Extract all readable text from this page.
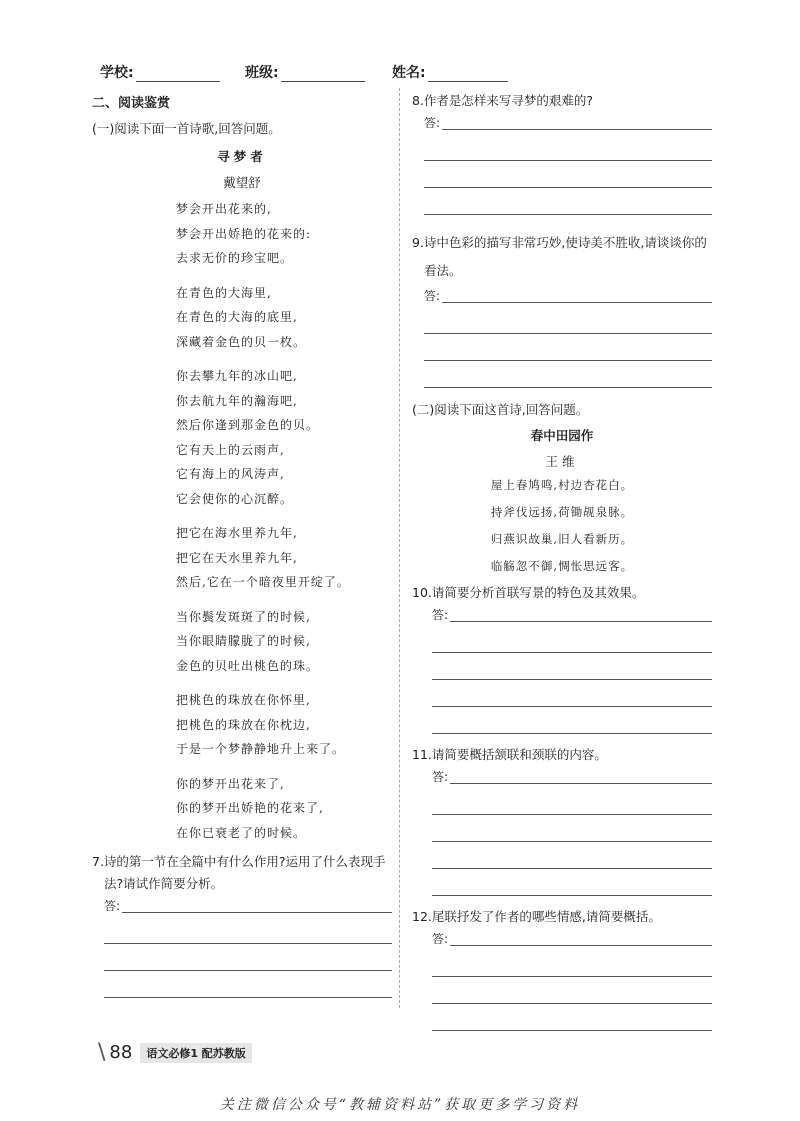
学校:	班级:	姓名:
二、阅读鉴赏
(一)阅读下面一首诗歌,回答问题。
寻梦者
戴望舒
梦会开出花来的,
梦会开出娇艳的花来的:
去求无价的珍宝吧。
在青色的大海里,
在青色的大海的底里,
深藏着金色的贝一枚。
你去攀九年的冰山吧,
你去航九年的瀚海吧,
然后你逢到那金色的贝。
它有天上的云雨声,
它有海上的风涛声,
它会使你的心沉醉。
把它在海水里养九年,
把它在天水里养九年,
然后,它在一个暗夜里开绽了。
当你鬓发斑斑了的时候,
当你眼睛朦胧了的时候,
金色的贝吐出桃色的珠。
把桃色的珠放在你怀里,
把桃色的珠放在你枕边,
于是一个梦静静地升上来了。
你的梦开出花来了,
你的梦开出娇艳的花来了,
在你已衰老了的时候。
7.诗的第一节在全篇中有什么作用?运用了什么表现手法?请试作简要分析。
答:
8.作者是怎样来写寻梦的艰难的?
答:
9.诗中色彩的描写非常巧妙,使诗美不胜收,请谈谈你的看法。
答:
(二)阅读下面这首诗,回答问题。
春中田园作
王维
屋上春鸠鸣,村边杏花白。
持斧伐远扬,荷锄觇泉脉。
归燕识故巢,旧人看新历。
临觞忽不御,惆怅思远客。
10.请简要分析首联写景的特色及其效果。
答:
11.请简要概括颔联和颈联的内容。
答:
12.尾联抒发了作者的哪些情感,请简要概括。
答:
\ 88	语文必修1 配苏教版
关注微信公众号“教辅资料站”获取更多学习资料
